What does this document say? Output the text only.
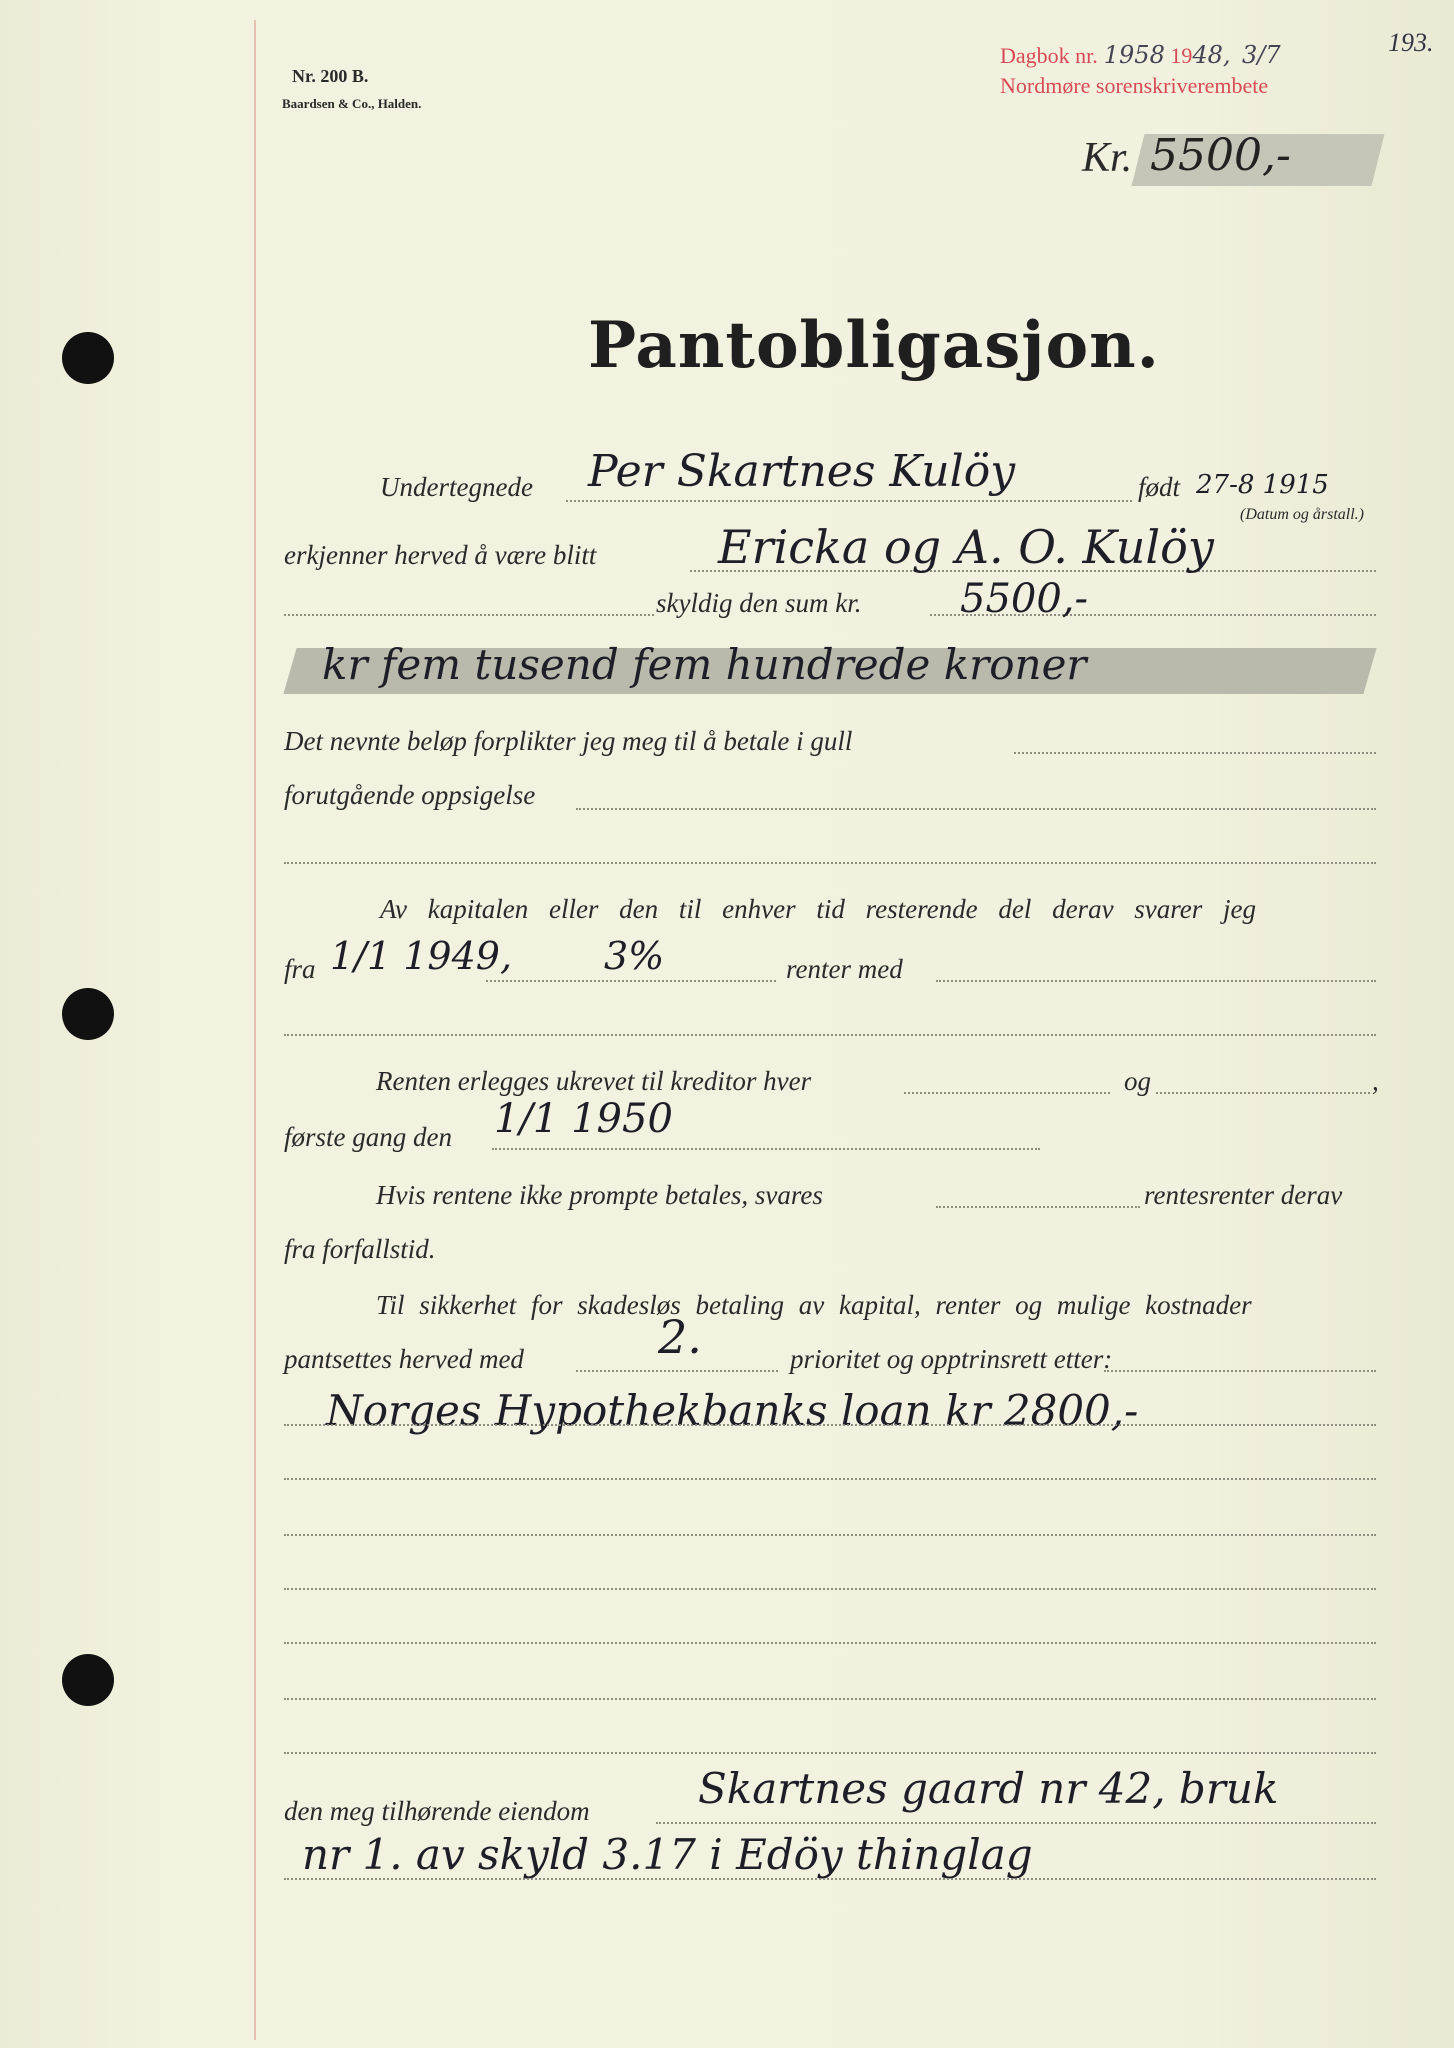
Nr. 200 B.
Baardsen & Co., Halden.
Dagbok nr. 1958 1948, 3/7
Nordmøre sorenskriverembete
193.
Kr. 5500,-
Pantobligasjon.
Undertegnede Per Skartnes Kulöy	født 27-8 1915
(Datum og årstall.)
erkjenner herved å være blitt	Ericka og A. O. Kulöy
skyldig den sum kr. 5500,-
kr fem tusend fem hundrede kroner
Det nevnte beløp forplikter jeg meg til å betale i gull
forutgående oppsigelse
Av kapitalen eller den til enhver tid resterende del derav svarer jeg
fra 1/1 1949, 3%	renter med
Renten erlegges ukrevet til kreditor hver	og	,
første gang den 1/1 1950
Hvis rentene ikke prompte betales, svares	rentesrenter derav
fra forfallstid.
Til sikkerhet for skadesløs betaling av kapital, renter og mulige kostnader
pantsettes herved med	2.	prioritet og opptrinsrett etter:
Norges Hypothekbanks loan kr 2800,-
den meg tilhørende eiendom	Skartnes gaard nr 42, bruk
nr 1. av skyld 3.17 i Edöy thinglag
